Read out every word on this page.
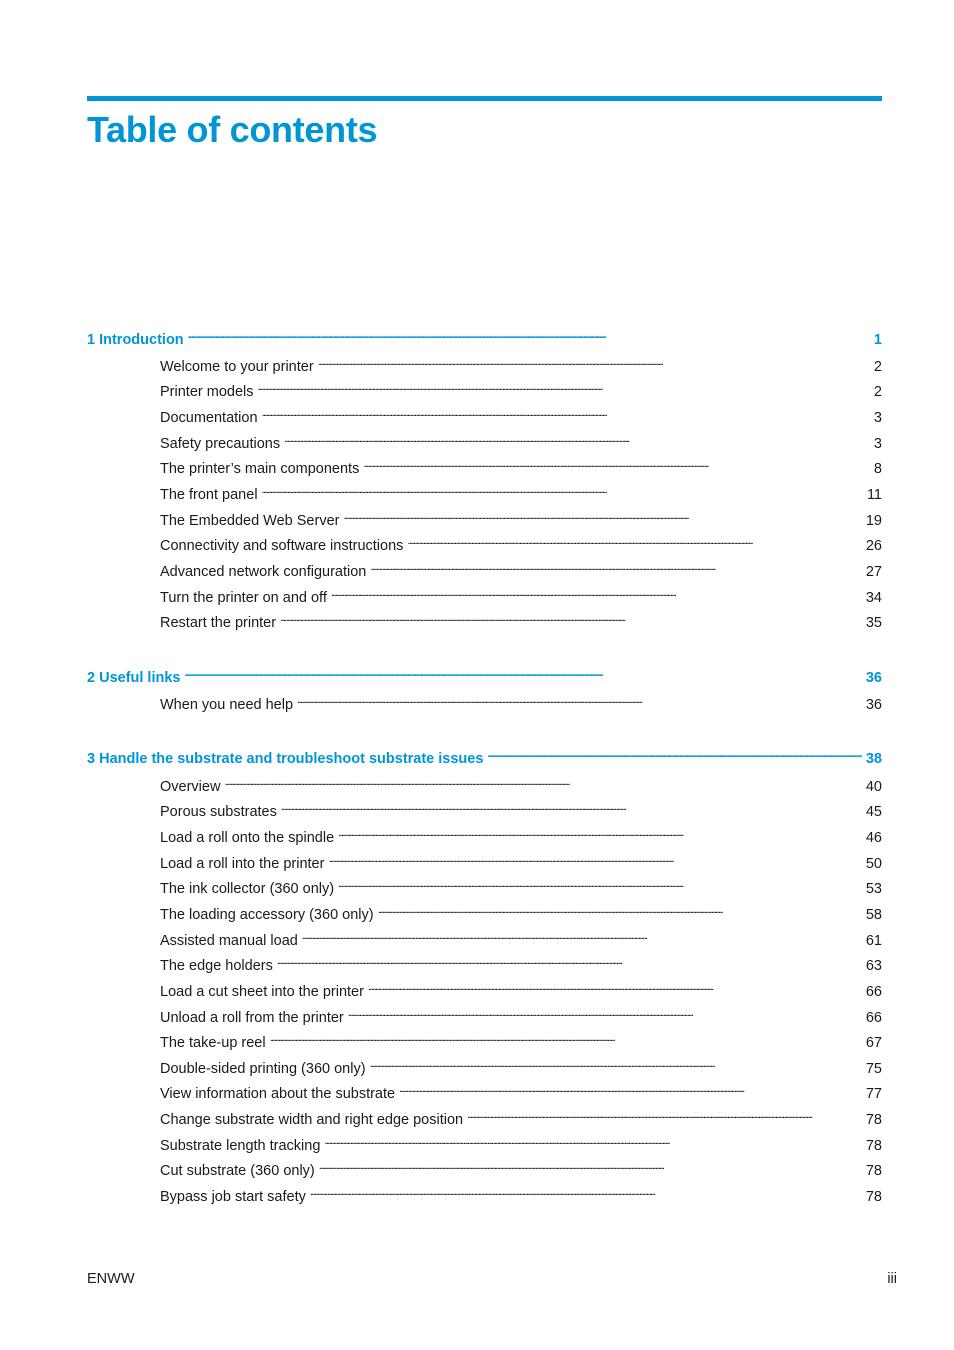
Table of contents
1 Introduction . . .	1
Welcome to your printer . . .	2
Printer models . . .	2
Documentation . . .	3
Safety precautions . . .	3
The printer’s main components . . .	8
The front panel . . .	11
The Embedded Web Server . . .	19
Connectivity and software instructions . . .	26
Advanced network configuration . . .	27
Turn the printer on and off . . .	34
Restart the printer . . .	35
2 Useful links . . .	36
When you need help . . .	36
3 Handle the substrate and troubleshoot substrate issues . . .	38
Overview . . .	40
Porous substrates . . .	45
Load a roll onto the spindle . . .	46
Load a roll into the printer . . .	50
The ink collector (360 only) . . .	53
The loading accessory (360 only) . . .	58
Assisted manual load . . .	61
The edge holders . . .	63
Load a cut sheet into the printer . . .	66
Unload a roll from the printer . . .	66
The take-up reel . . .	67
Double-sided printing (360 only) . . .	75
View information about the substrate . . .	77
Change substrate width and right edge position . . .	78
Substrate length tracking . . .	78
Cut substrate (360 only) . . .	78
Bypass job start safety . . .	78

ENWW	iii
